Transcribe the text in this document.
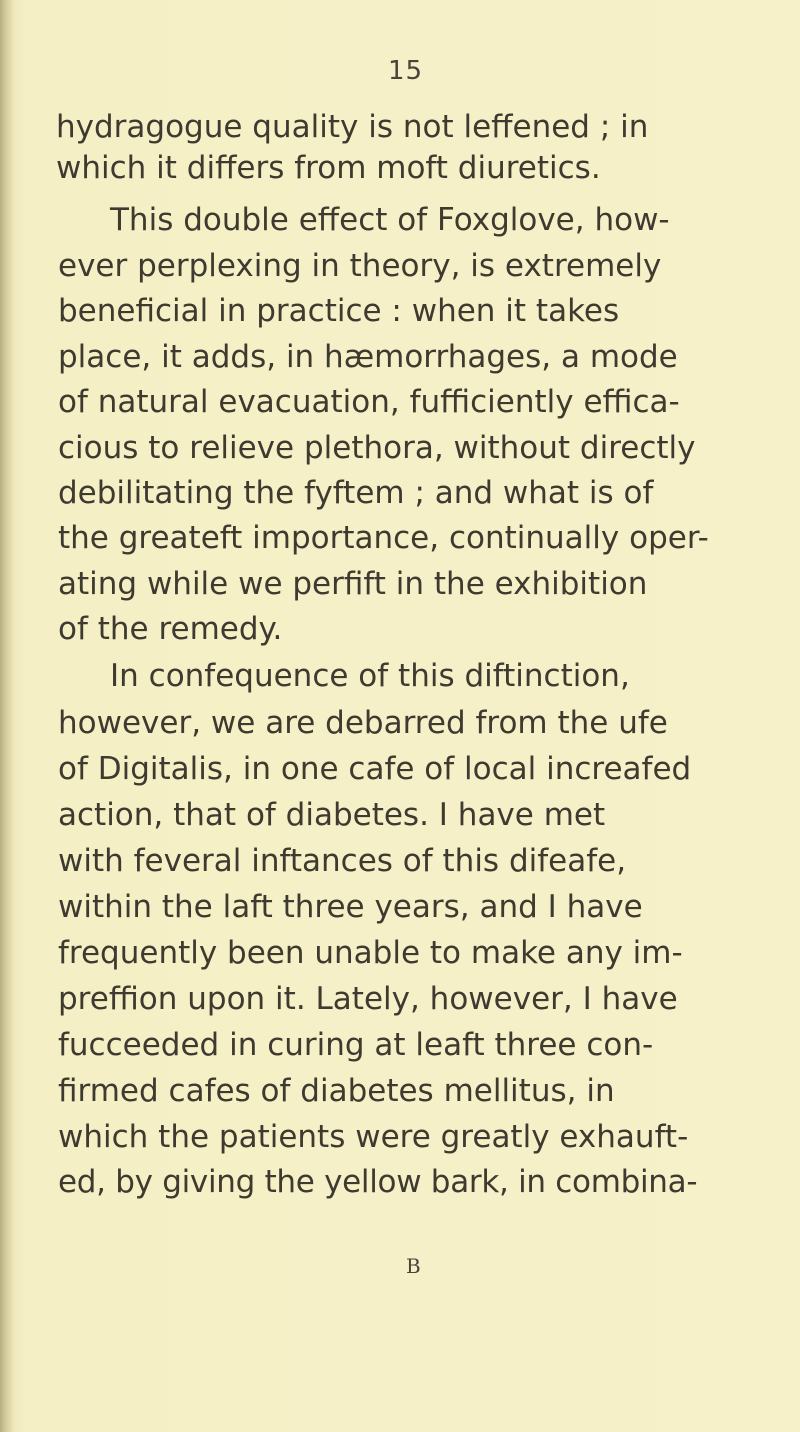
15
hydragogue quality is not leffened ; in
which it differs from moft diuretics.
This double effect of Foxglove, how-
ever perplexing in theory, is extremely
beneficial in practice : when it takes
place, it adds, in hæmorrhages, a mode
of natural evacuation, fufficiently effica-
cious to relieve plethora, without directly
debilitating the fyftem ; and what is of
the greateft importance, continually oper-
ating while we perfift in the exhibition
of the remedy.
In confequence of this diftinction,
however, we are debarred from the ufe
of Digitalis, in one cafe of local increafed
action, that of diabetes. I have met
with feveral inftances of this difeafe,
within the laft three years, and I have
frequently been unable to make any im-
preffion upon it. Lately, however, I have
fucceeded in curing at leaft three con-
firmed cafes of diabetes mellitus, in
which the patients were greatly exhauft-
ed, by giving the yellow bark, in combina-
B
